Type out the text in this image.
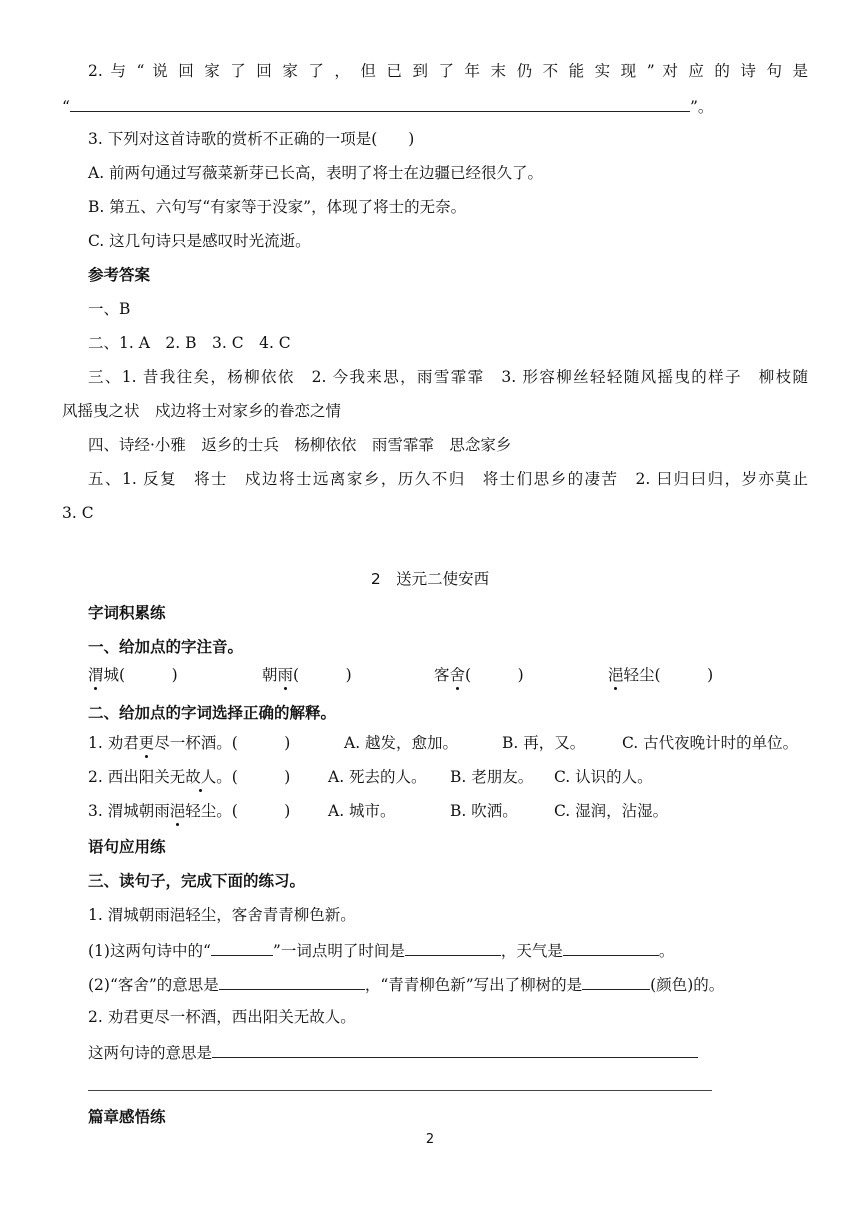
2. 与 “ 说 回 家 了 回 家 了 ， 但 已 到 了 年 末 仍 不 能 实 现 ” 对 应 的 诗 句 是
“	”。
3. 下列对这首诗歌的赏析不正确的一项是(　　)
A. 前两句通过写薇菜新芽已长高，表明了将士在边疆已经很久了。
B. 第五、六句写“有家等于没家”，体现了将士的无奈。
C. 这几句诗只是感叹时光流逝。
参考答案
一、B
二、1. A　2. B　3. C　4. C
三、1. 昔我往矣，杨柳依依　2. 今我来思，雨雪霏霏　3. 形容柳丝轻轻随风摇曳的样子　柳枝随
风摇曳之状　戍边将士对家乡的眷恋之情
四、诗经·小雅　返乡的士兵　杨柳依依　雨雪霏霏　思念家乡
五、1. 反复　将士　戍边将士远离家乡，历久不归　将士们思乡的凄苦　2. 曰归曰归，岁亦莫止
3. C
2　送元二使安西
字词积累练
一、给加点的字注音。
渭城(　　　)	朝雨(　　　)	客舍(　　　)	浥轻尘(　　　)
二、给加点的字词选择正确的解释。
1. 劝君更尽一杯酒。(　　　)	A. 越发，愈加。	B. 再，又。 C. 古代夜晚计时的单位。
2. 西出阳关无故人。(　　　) A. 死去的人。 B. 老朋友。 C. 认识的人。
3. 渭城朝雨浥轻尘。(　　　) A. 城市。	B. 吹洒。 C. 湿润，沾湿。
语句应用练
三、读句子，完成下面的练习。
1. 渭城朝雨浥轻尘，客舍青青柳色新。
(1)这两句诗中的“	”一词点明了时间是	，天气是	。
(2)“客舍”的意思是	，“青青柳色新”写出了柳树的是	(颜色)的。
2. 劝君更尽一杯酒，西出阳关无故人。
这两句诗的意思是
篇章感悟练
2
